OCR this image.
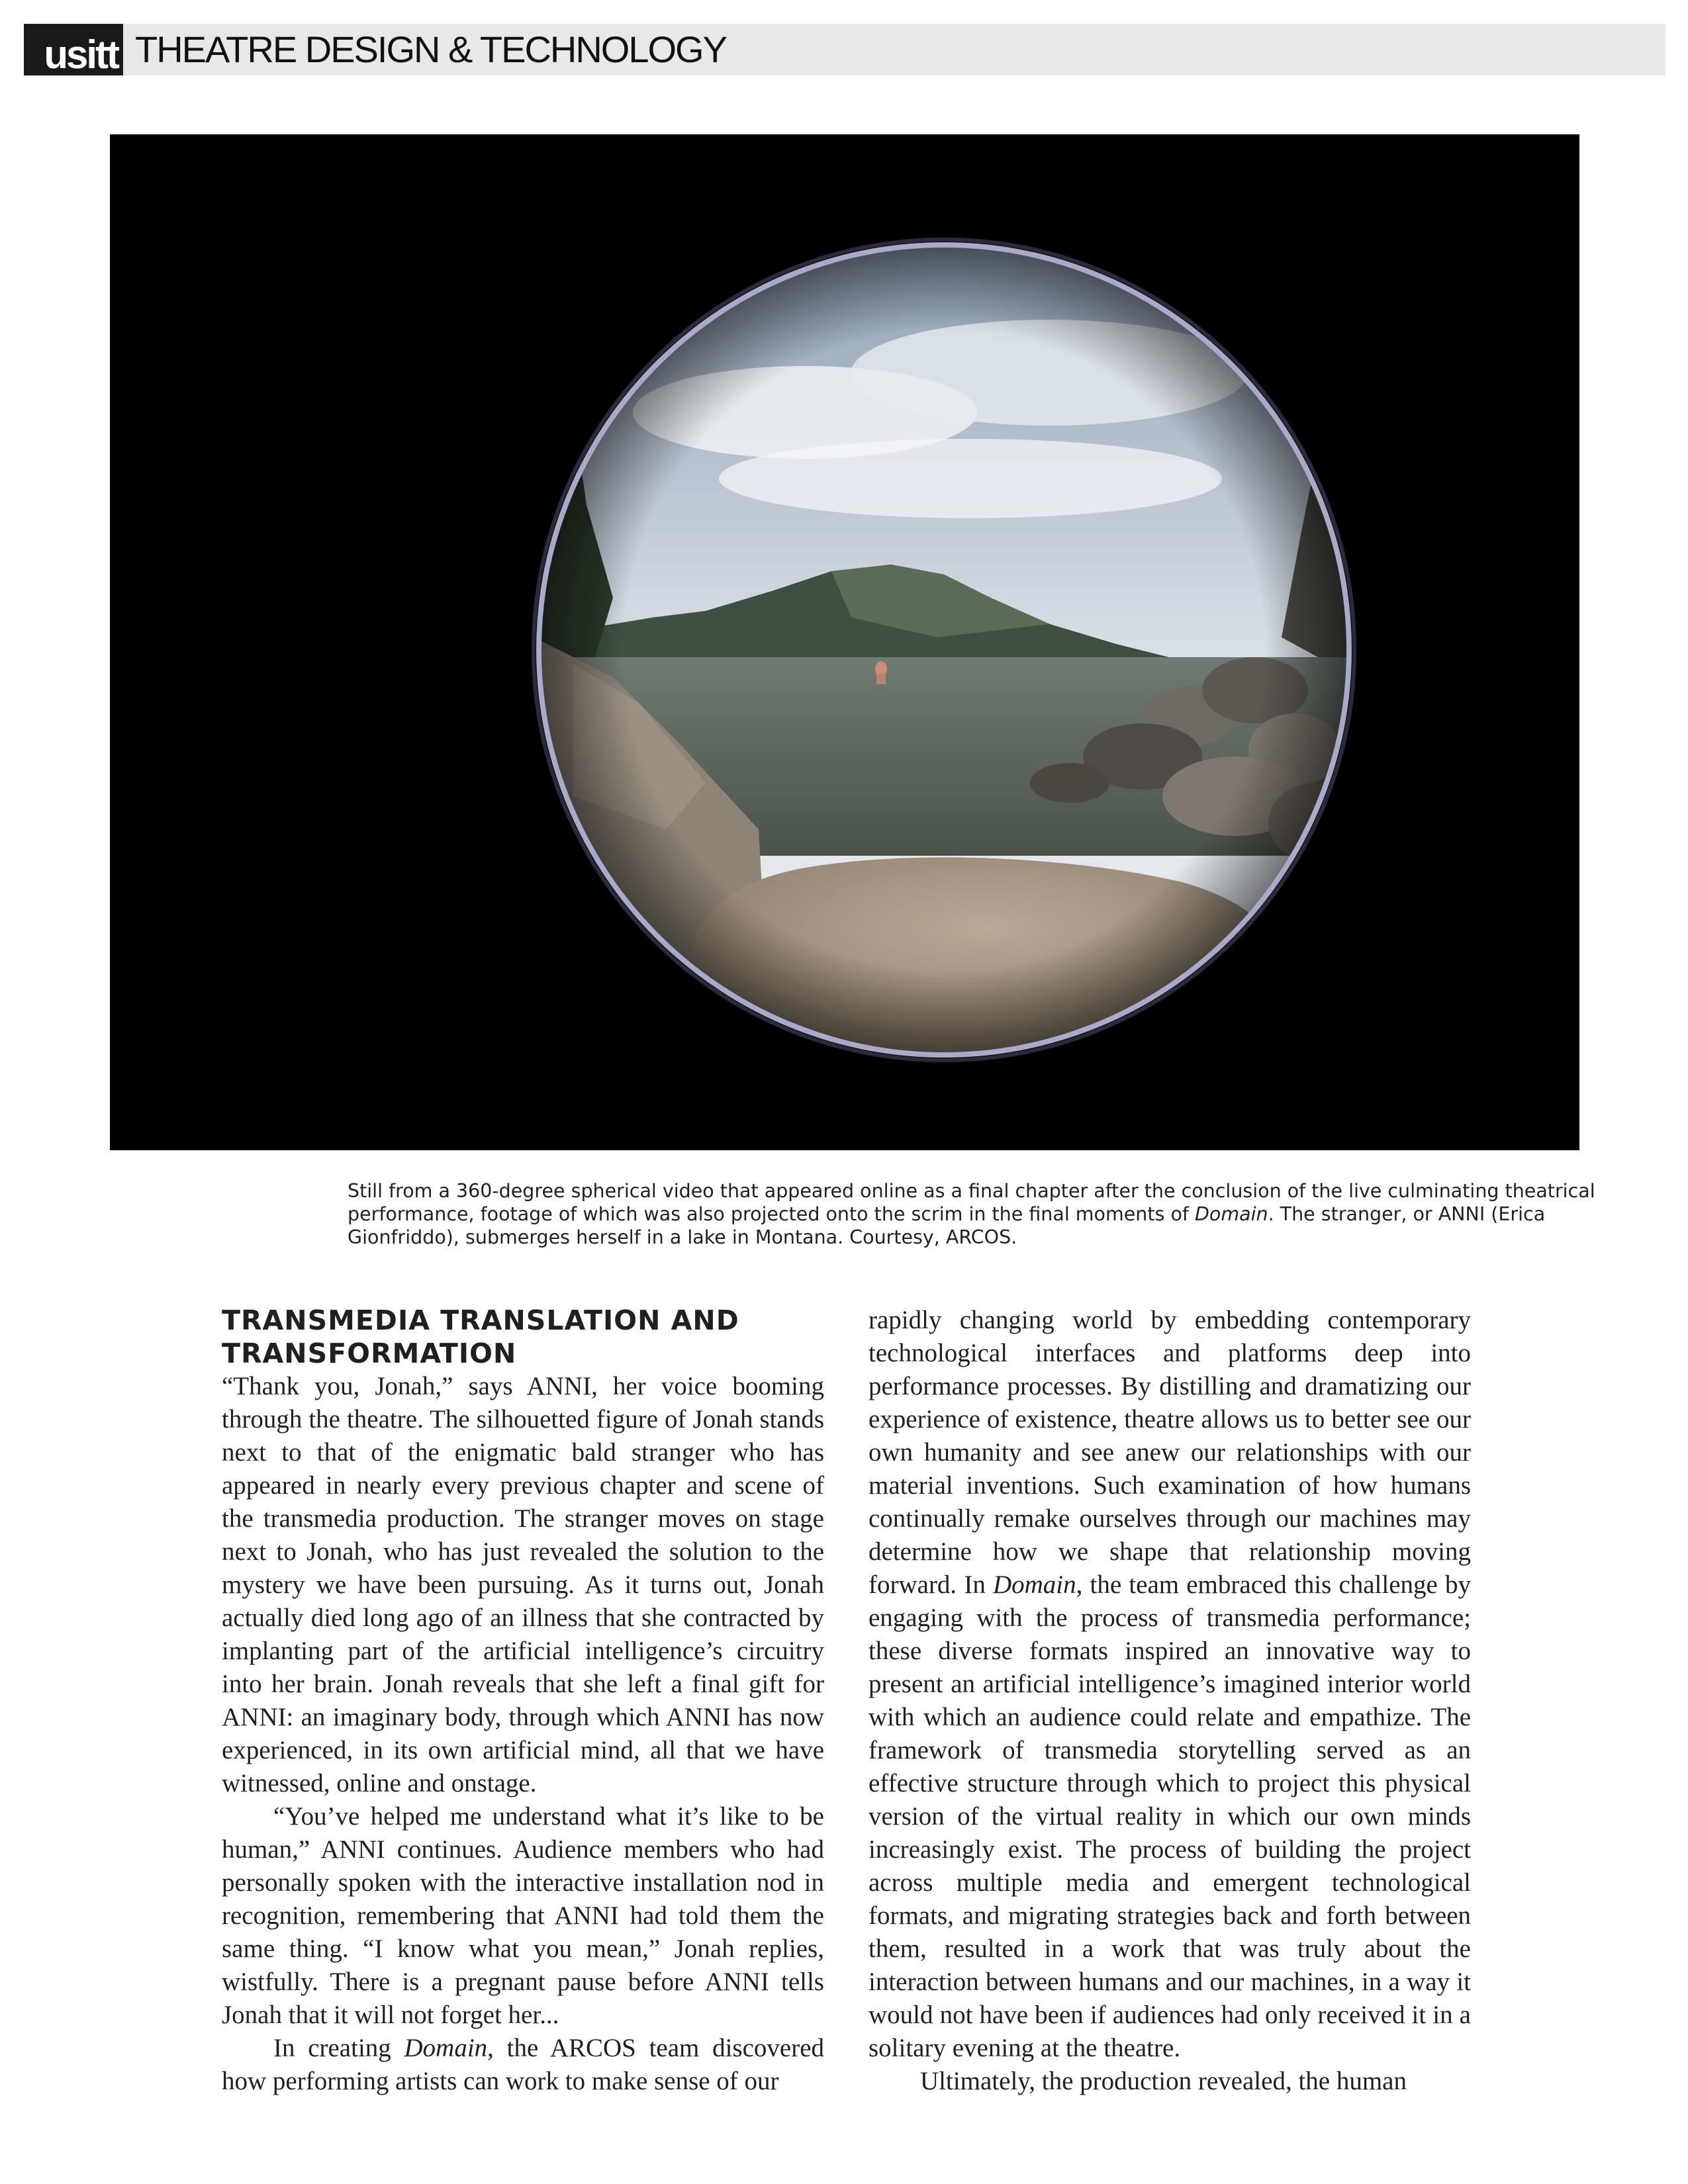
usitt THEATRE DESIGN & TECHNOLOGY
Still from a 360-degree spherical video that appeared online as a final chapter after the conclusion of the live culminating theatrical performance, footage of which was also projected onto the scrim in the final moments of Domain. The stranger, or ANNI (Erica Gionfriddo), submerges herself in a lake in Montana. Courtesy, ARCOS.
TRANSMEDIA TRANSLATION AND TRANSFORMATION

“Thank you, Jonah,” says ANNI, her voice booming through the theatre. The silhouetted figure of Jonah stands next to that of the enigmatic bald stranger who has appeared in nearly every previous chapter and scene of the transmedia production. The stranger moves on stage next to Jonah, who has just revealed the solution to the mystery we have been pursuing. As it turns out, Jonah actually died long ago of an illness that she contracted by implanting part of the artificial intelligence’s circuitry into her brain. Jonah reveals that she left a final gift for ANNI: an imaginary body, through which ANNI has now experienced, in its own artificial mind, all that we have witnessed, online and onstage.

“You’ve helped me understand what it’s like to be human,” ANNI continues. Audience members who had personally spoken with the interactive installation nod in recognition, remembering that ANNI had told them the same thing. “I know what you mean,” Jonah replies, wistfully. There is a pregnant pause before ANNI tells Jonah that it will not forget her...

In creating Domain, the ARCOS team discovered how performing artists can work to make sense of our

rapidly changing world by embedding contemporary technological interfaces and platforms deep into performance processes. By distilling and dramatizing our experience of existence, theatre allows us to better see our own humanity and see anew our relationships with our material inventions. Such examination of how humans continually remake ourselves through our machines may determine how we shape that relationship moving forward. In Domain, the team embraced this challenge by engaging with the process of transmedia performance; these diverse formats inspired an innovative way to present an artificial intelligence’s imagined interior world with which an audience could relate and empathize. The framework of transmedia storytelling served as an effective structure through which to project this physical version of the virtual reality in which our own minds increasingly exist. The process of building the project across multiple media and emergent technological formats, and migrating strategies back and forth between them, resulted in a work that was truly about the interaction between humans and our machines, in a way it would not have been if audiences had only received it in a solitary evening at the theatre.

Ultimately, the production revealed, the human
